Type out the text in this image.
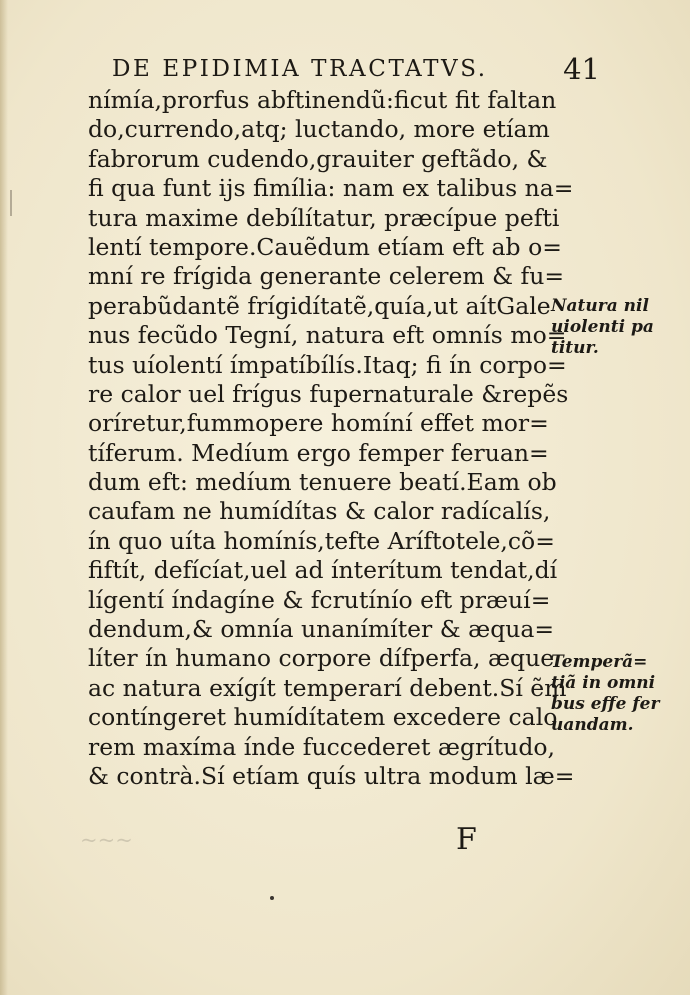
DE EPIDIMIA TRACTATVS.	41
nímía,prorfus abftinendũ:ficut fit faltan
do,currendo,atq; luctando, more etíam
fabrorum cudendo,grauiter geftãdo, &
fi qua funt ijs fimília: nam ex talibus na=
tura maxime debílítatur, præcípue pefti
lentí tempore.Cauẽdum etíam eft ab o=
mní re frígida generante celerem & fu=
perabũdantẽ frígidítatẽ,quía,ut aítGale
nus fecũdo Tegní, natura eft omnís mo=
tus uíolentí ímpatíbílís.Itaq; fi ín corpo=
re calor uel frígus fupernaturale &repẽs
oríretur,fummopere homíní effet mor=
tíferum. Medíum ergo femper feruan=
dum eft: medíum tenuere beatí.Eam ob
caufam ne humídítas & calor radícalís,
ín quo uíta homínís,tefte Aríftotele,cõ=
fiftít, defícíat,uel ad ínterítum tendat,dí
lígentí índagíne & fcrutínío eft præuí=
dendum,& omnía unanímíter & æqua=
líter ín humano corpore dífperfa, æque
ac natura exígít temperarí debent.Sí ẽm
contíngeret humídítatem excedere calo
rem maxíma índe fuccederet ægrítudo,
& contrà.Sí etíam quís ultra modum læ=
Natura nil
uiolenti pa
titur.
Temperã=
tiã in omni
bus effe fer
uandam.
~~~	F
